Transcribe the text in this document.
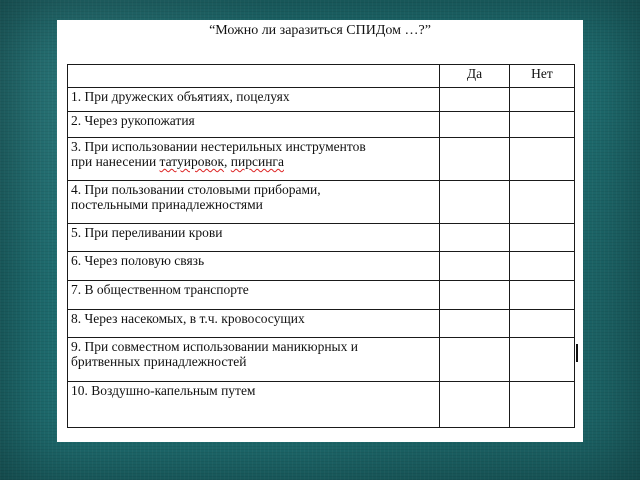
“Можно ли заразиться СПИДом …?”
	Да	Нет
1. При дружеских объятиях, поцелуях		
2. Через рукопожатия		
3. При использовании нестерильных инструментов
при нанесении татуировок, пирсинга		
4. При пользовании столовыми приборами,
постельными принадлежностями		
5. При переливании крови		
6. Через половую связь		
7. В общественном транспорте		
8. Через насекомых, в т.ч. кровососущих		
9. При совместном использовании маникюрных и
бритвенных принадлежностей		
10. Воздушно-капельным путем		
